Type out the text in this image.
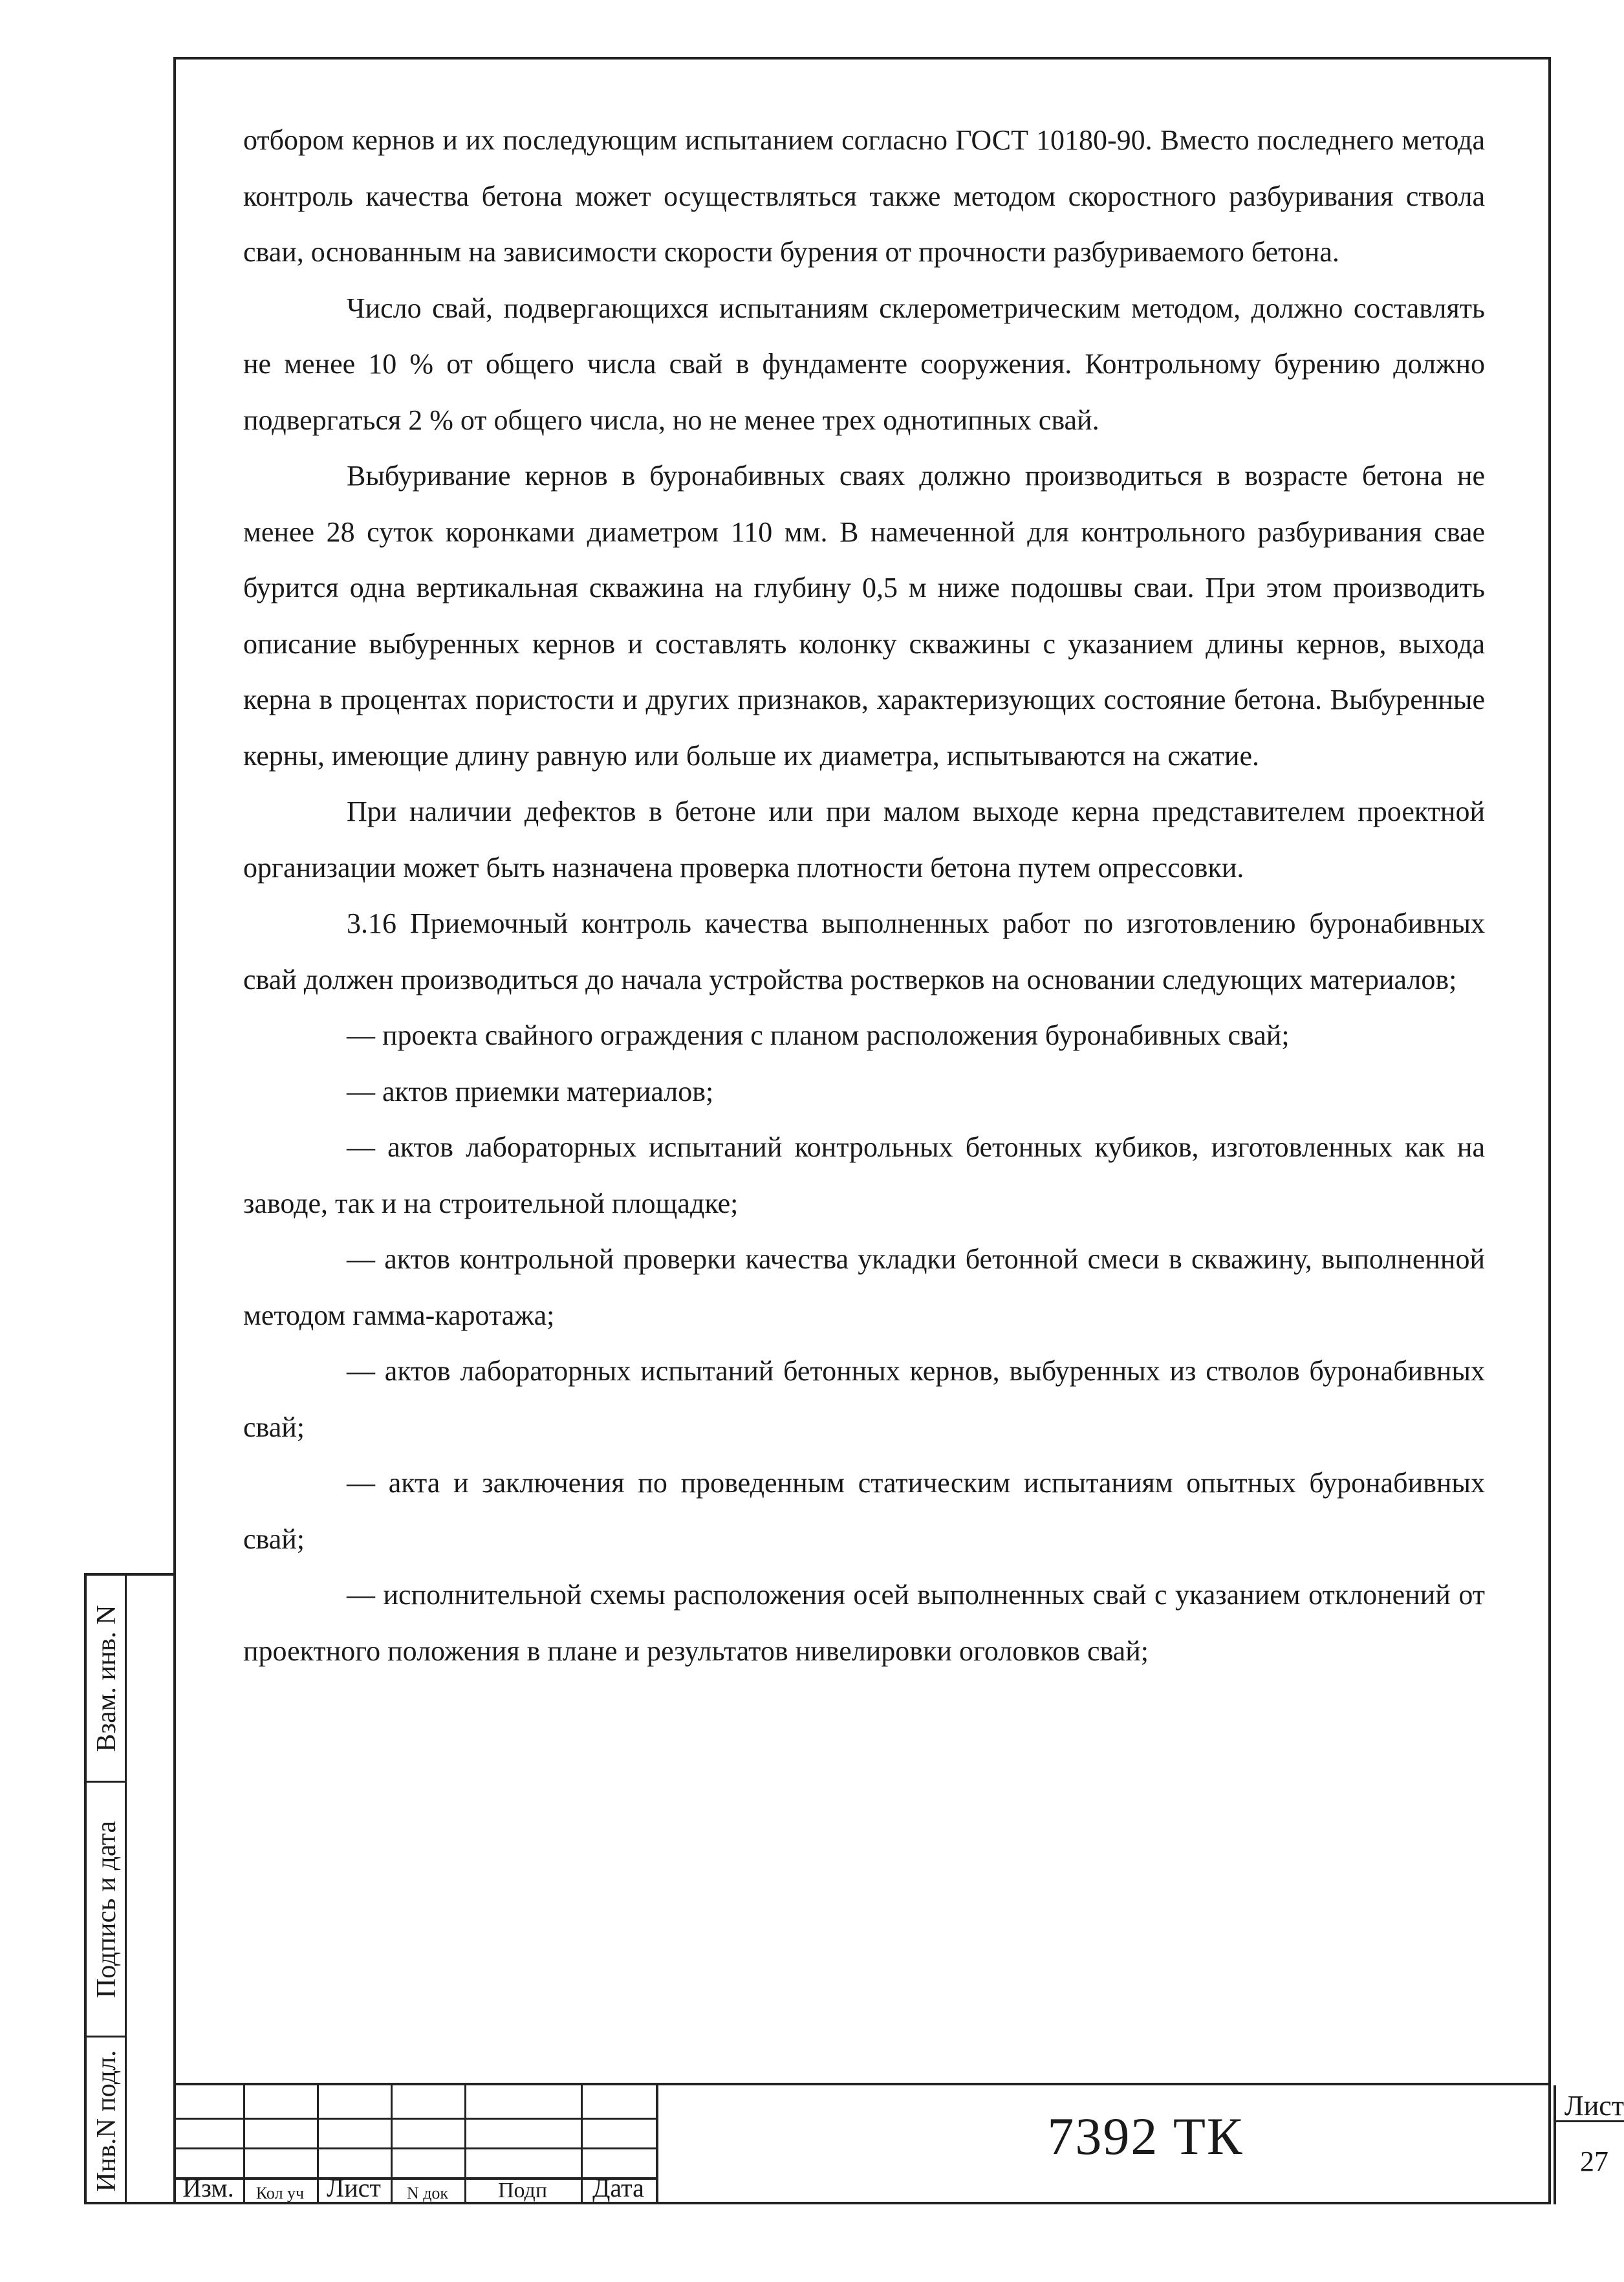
отбором кернов и их последующим испытанием согласно ГОСТ 10180-90. Вместо последнего метода контроль качества бетона может осуществляться также методом скоростного разбуривания ствола сваи, основанным на зависимости скорости бурения от прочности разбуриваемого бетона.

Число свай, подвергающихся испытаниям склерометрическим методом, должно составлять не менее 10 % от общего числа свай в фундаменте сооружения. Контрольному бурению должно подвергаться 2 % от общего числа, но не менее трех однотипных свай.

Выбуривание кернов в буронабивных сваях должно производиться в возрасте бетона не менее 28 суток коронками диаметром 110 мм. В намеченной для контрольного разбуривания свае бурится одна вертикальная скважина на глубину 0,5 м ниже подошвы сваи. При этом производить описание выбуренных кернов и составлять колонку скважины с указанием длины кернов, выхода керна в процентах пористости и других признаков, характеризующих состояние бетона. Выбуренные керны, имеющие длину равную или больше их диаметра, испытываются на сжатие.

При наличии дефектов в бетоне или при малом выходе керна представителем проектной организации может быть назначена проверка плотности бетона путем опрессовки.

3.16 Приемочный контроль качества выполненных работ по изготовлению буронабивных свай должен производиться до начала устройства ростверков на основании следующих материалов;

— проекта свайного ограждения с планом расположения буронабивных свай;

— актов приемки материалов;

— актов лабораторных испытаний контрольных бетонных кубиков, изготовленных как на заводе, так и на строительной площадке;

— актов контрольной проверки качества укладки бетонной смеси в скважину, выполненной методом гамма-каротажа;

— актов лабораторных испытаний бетонных кернов, выбуренных из стволов буронабивных свай;

— акта и заключения по проведенным статическим испытаниям опытных буронабивных свай;

— исполнительной схемы расположения осей выполненных свай с указанием отклонений от проектного положения в плане и результатов нивелировки оголовков свай;

Взам. инв. N
Подпись и дата
Инв.N подл.	Изм.	Кол уч Лист	N док	Подп	Дата
7392 ТК
Лист
27
